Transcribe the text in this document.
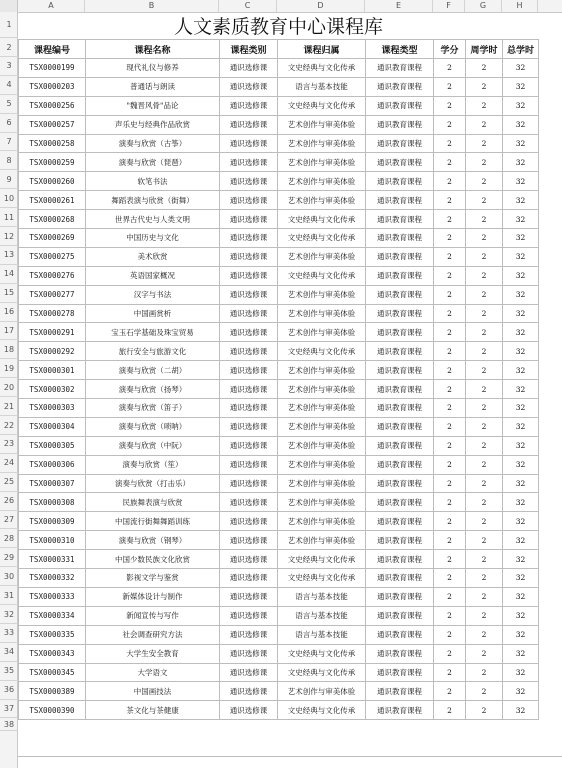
A	B	C	D	E	F	G	H
1
2
3
4
5
6
7
8
9
10
11
12
13
14
15
16
17
18
19
20
21
22
23
24
25
26
27
28
29
30
31
32
33
34
35
36
37
38
人文素质教育中心课程库							
课程编号	课程名称	课程类别	课程归属	课程类型	学分	周学时	总学时
TSX0000199	现代礼仪与修养	通识选修课	文史经典与文化传承	通识教育课程	2	2	32
TSX0000203	普通话与朗读	通识选修课	语言与基本技能	通识教育课程	2	2	32
TSX0000256	"魏晋风骨"品论	通识选修课	文史经典与文化传承	通识教育课程	2	2	32
TSX0000257	声乐史与经典作品欣赏	通识选修课	艺术创作与审美体验	通识教育课程	2	2	32
TSX0000258	演奏与欣赏（古筝）	通识选修课	艺术创作与审美体验	通识教育课程	2	2	32
TSX0000259	演奏与欣赏（琵琶）	通识选修课	艺术创作与审美体验	通识教育课程	2	2	32
TSX0000260	软笔书法	通识选修课	艺术创作与审美体验	通识教育课程	2	2	32
TSX0000261	舞蹈表演与欣赏（街舞）	通识选修课	艺术创作与审美体验	通识教育课程	2	2	32
TSX0000268	世界古代史与人类文明	通识选修课	文史经典与文化传承	通识教育课程	2	2	32
TSX0000269	中国历史与文化	通识选修课	文史经典与文化传承	通识教育课程	2	2	32
TSX0000275	美术欣赏	通识选修课	艺术创作与审美体验	通识教育课程	2	2	32
TSX0000276	英语国家概况	通识选修课	文史经典与文化传承	通识教育课程	2	2	32
TSX0000277	汉字与书法	通识选修课	艺术创作与审美体验	通识教育课程	2	2	32
TSX0000278	中国画赏析	通识选修课	艺术创作与审美体验	通识教育课程	2	2	32
TSX0000291	宝玉石学基础及珠宝贸易	通识选修课	艺术创作与审美体验	通识教育课程	2	2	32
TSX0000292	旅行安全与旅游文化	通识选修课	文史经典与文化传承	通识教育课程	2	2	32
TSX0000301	演奏与欣赏（二胡）	通识选修课	艺术创作与审美体验	通识教育课程	2	2	32
TSX0000302	演奏与欣赏（扬琴）	通识选修课	艺术创作与审美体验	通识教育课程	2	2	32
TSX0000303	演奏与欣赏（笛子）	通识选修课	艺术创作与审美体验	通识教育课程	2	2	32
TSX0000304	演奏与欣赏（唢呐）	通识选修课	艺术创作与审美体验	通识教育课程	2	2	32
TSX0000305	演奏与欣赏（中阮）	通识选修课	艺术创作与审美体验	通识教育课程	2	2	32
TSX0000306	演奏与欣赏（笙）	通识选修课	艺术创作与审美体验	通识教育课程	2	2	32
TSX0000307	演奏与欣赏（打击乐）	通识选修课	艺术创作与审美体验	通识教育课程	2	2	32
TSX0000308	民族舞表演与欣赏	通识选修课	艺术创作与审美体验	通识教育课程	2	2	32
TSX0000309	中国流行街舞舞蹈训练	通识选修课	艺术创作与审美体验	通识教育课程	2	2	32
TSX0000310	演奏与欣赏（钢琴）	通识选修课	艺术创作与审美体验	通识教育课程	2	2	32
TSX0000331	中国少数民族文化欣赏	通识选修课	文史经典与文化传承	通识教育课程	2	2	32
TSX0000332	影视文学与鉴赏	通识选修课	文史经典与文化传承	通识教育课程	2	2	32
TSX0000333	新媒体设计与制作	通识选修课	语言与基本技能	通识教育课程	2	2	32
TSX0000334	新闻宣传与写作	通识选修课	语言与基本技能	通识教育课程	2	2	32
TSX0000335	社会调查研究方法	通识选修课	语言与基本技能	通识教育课程	2	2	32
TSX0000343	大学生安全教育	通识选修课	文史经典与文化传承	通识教育课程	2	2	32
TSX0000345	大学语文	通识选修课	文史经典与文化传承	通识教育课程	2	2	32
TSX0000389	中国画技法	通识选修课	艺术创作与审美体验	通识教育课程	2	2	32
TSX0000390	茶文化与茶健康	通识选修课	文史经典与文化传承	通识教育课程	2	2	32
